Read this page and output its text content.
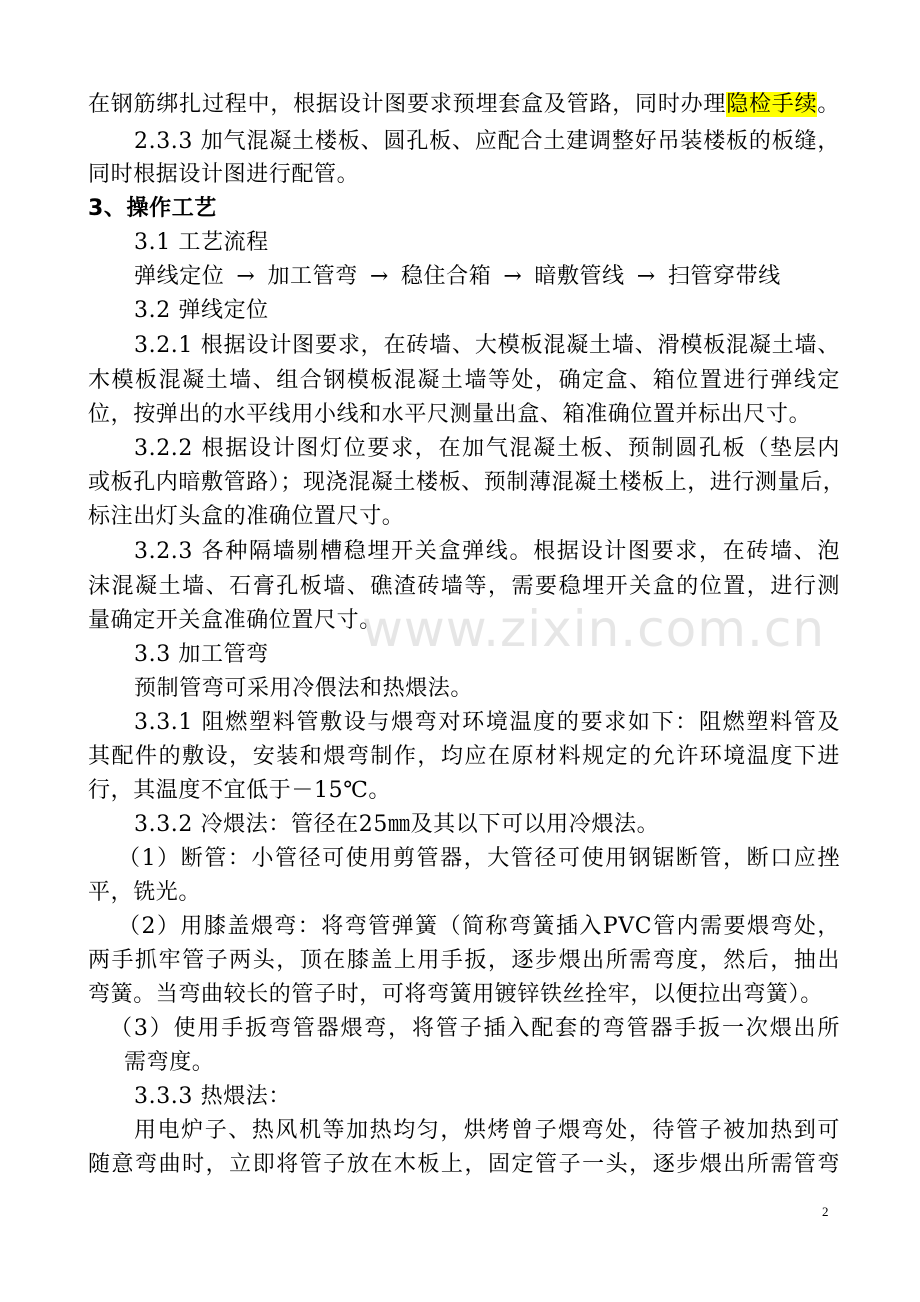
在钢筋绑扎过程中，根据设计图要求预埋套盒及管路，同时办理隐检手续。
2.3.3 加气混凝土楼板、圆孔板、应配合土建调整好吊装楼板的板缝，
同时根据设计图进行配管。
3、操作工艺
3.1 工艺流程
弹线定位 → 加工管弯 → 稳住合箱 → 暗敷管线 → 扫管穿带线
3.2 弹线定位
3.2.1 根据设计图要求，在砖墙、大模板混凝土墙、滑模板混凝土墙、
木模板混凝土墙、组合钢模板混凝土墙等处，确定盒、箱位置进行弹线定
位，按弹出的水平线用小线和水平尺测量出盒、箱准确位置并标出尺寸。
3.2.2 根据设计图灯位要求，在加气混凝土板、预制圆孔板（垫层内
或板孔内暗敷管路）；现浇混凝土楼板、预制薄混凝土楼板上，进行测量后，
标注出灯头盒的准确位置尺寸。
3.2.3 各种隔墙剔槽稳埋开关盒弹线。根据设计图要求，在砖墙、泡
沫混凝土墙、石膏孔板墙、礁渣砖墙等，需要稳埋开关盒的位置，进行测
量确定开关盒准确位置尺寸。
3.3 加工管弯
预制管弯可采用冷偎法和热煨法。
3.3.1 阻燃塑料管敷设与煨弯对环境温度的要求如下：阻燃塑料管及
其配件的敷设，安装和煨弯制作，均应在原材料规定的允许环境温度下进
行，其温度不宜低于－15℃。
3.3.2 冷煨法：管径在25㎜及其以下可以用冷煨法。
（1）断管：小管径可使用剪管器，大管径可使用钢锯断管，断口应挫
平，铣光。
（2）用膝盖煨弯：将弯管弹簧（简称弯簧插入PVC管内需要煨弯处，
两手抓牢管子两头，顶在膝盖上用手扳，逐步煨出所需弯度，然后，抽出
弯簧。当弯曲较长的管子时，可将弯簧用镀锌铁丝拴牢，以便拉出弯簧）。
（3）使用手扳弯管器煨弯，将管子插入配套的弯管器手扳一次煨出所
需弯度。
3.3.3 热煨法：
用电炉子、热风机等加热均匀，烘烤曾子煨弯处，待管子被加热到可
随意弯曲时，立即将管子放在木板上，固定管子一头，逐步煨出所需管弯
www.zixin.com.cn
2
